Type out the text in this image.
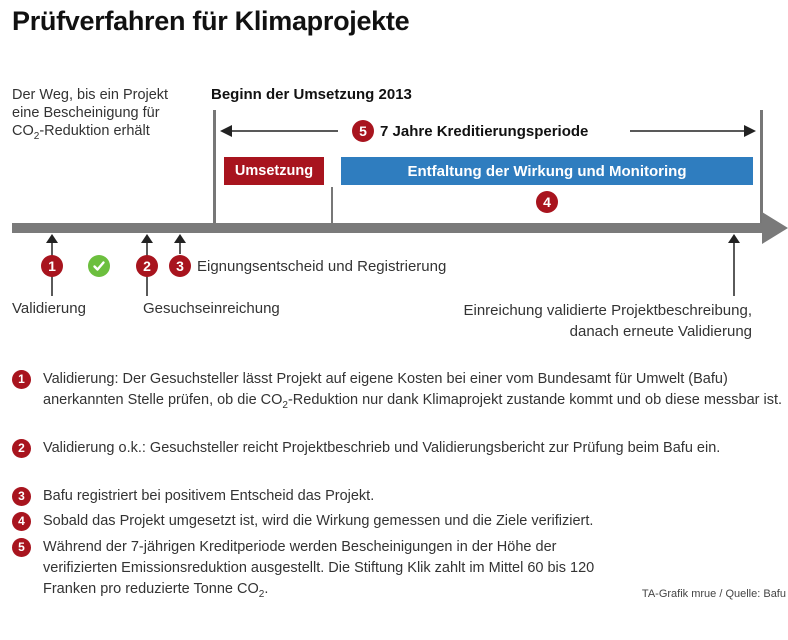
Prüfverfahren für Klimaprojekte
Der Weg, bis ein Projekt
eine Bescheinigung für
$CO_2$-Reduktion erhält
Beginn der Umsetzung 2013
5 7 Jahre Kreditierungsperiode
Umsetzung	Entfaltung der Wirkung und Monitoring
4
1	2	3 Eignungsentscheid und Registrierung
Validierung	Gesuchseinreichung	Einreichung validierte Projektbeschreibung,
danach erneute Validierung
1	Validierung: Der Gesuchsteller lässt Projekt auf eigene Kosten bei einer vom Bundesamt für Umwelt (Bafu) anerkannten Stelle prüfen, ob die $CO_2$-Reduktion nur dank Klimaprojekt zustande kommt und ob diese messbar ist.
2	Validierung o.k.: Gesuchsteller reicht Projektbeschrieb und Validierungsbericht zur Prüfung beim Bafu ein.
3	Bafu registriert bei positivem Entscheid das Projekt.
4	Sobald das Projekt umgesetzt ist, wird die Wirkung gemessen und die Ziele verifiziert.
5	Während der 7-jährigen Kreditperiode werden Bescheinigungen in der Höhe der verifizierten Emissionsreduktion ausgestellt. Die Stiftung Klik zahlt im Mittel 60 bis 120 Franken pro reduzierte Tonne $CO_2$.	TA-Grafik mrue / Quelle: Bafu
